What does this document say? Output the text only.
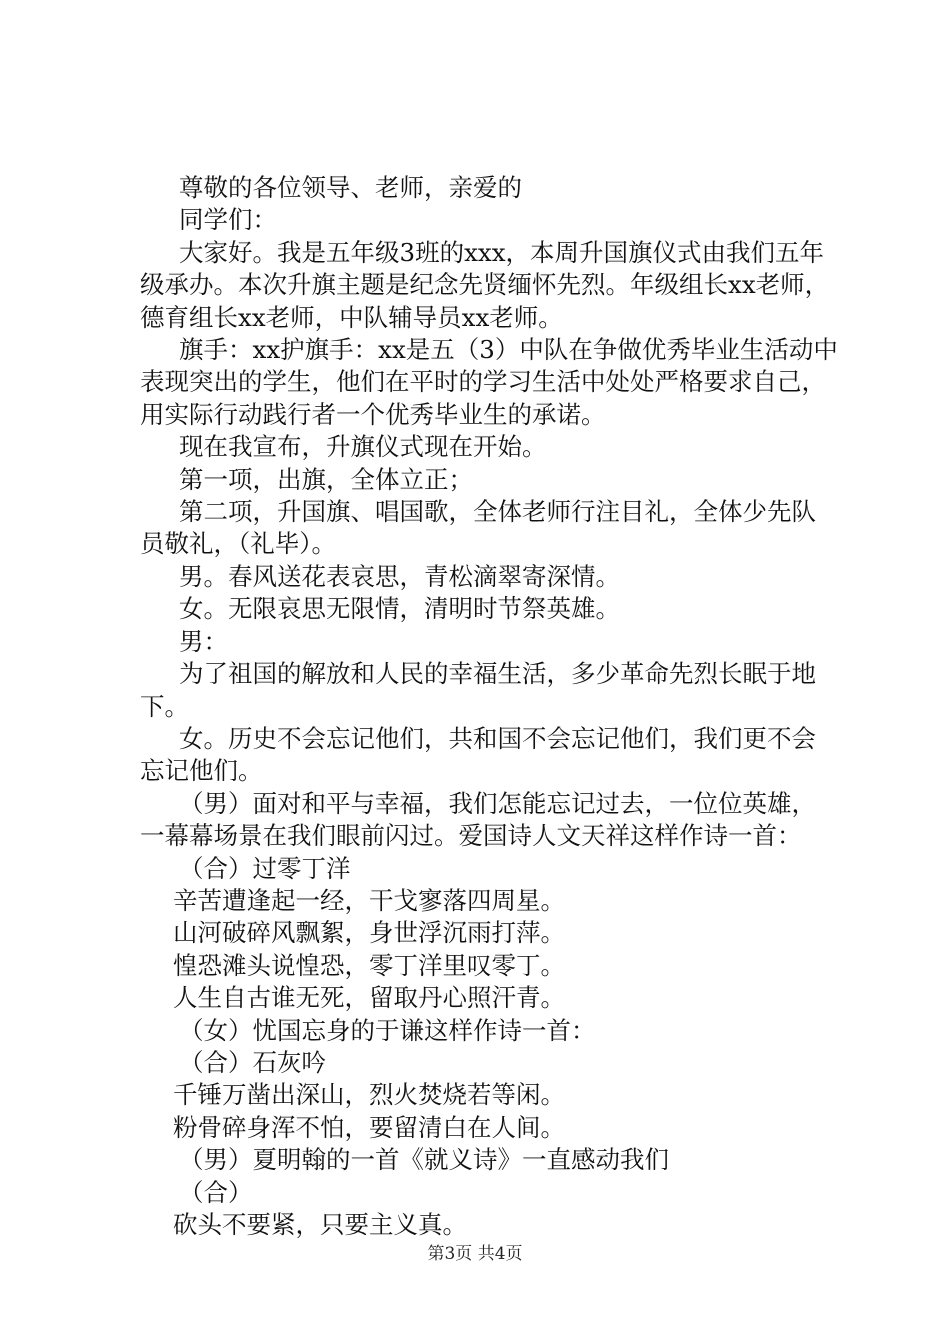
尊敬的各位领导、老师，亲爱的

同学们：

大家好。我是五年级3班的xxx，本周升国旗仪式由我们五年级承办。本次升旗主题是纪念先贤缅怀先烈。年级组长xx老师，德育组长xx老师，中队辅导员xx老师。

旗手：xx护旗手：xx是五（3）中队在争做优秀毕业生活动中表现突出的学生，他们在平时的学习生活中处处严格要求自己，用实际行动践行者一个优秀毕业生的承诺。

现在我宣布，升旗仪式现在开始。

第一项，出旗，全体立正；

第二项，升国旗、唱国歌，全体老师行注目礼，全体少先队员敬礼，（礼毕）。

男。春风送花表哀思，青松滴翠寄深情。

女。无限哀思无限情，清明时节祭英雄。

男：

为了祖国的解放和人民的幸福生活，多少革命先烈长眠于地下。

女。历史不会忘记他们，共和国不会忘记他们，我们更不会忘记他们。

（男）面对和平与幸福，我们怎能忘记过去，一位位英雄，一幕幕场景在我们眼前闪过。爱国诗人文天祥这样作诗一首：

（合）过零丁洋

辛苦遭逢起一经，干戈寥落四周星。

山河破碎风飘絮，身世浮沉雨打萍。

惶恐滩头说惶恐，零丁洋里叹零丁。

人生自古谁无死，留取丹心照汗青。

（女）忧国忘身的于谦这样作诗一首：

（合）石灰吟

千锤万凿出深山，烈火焚烧若等闲。

粉骨碎身浑不怕，要留清白在人间。

（男）夏明翰的一首《就义诗》一直感动我们

（合）

砍头不要紧，只要主义真。

第3页 共4页
